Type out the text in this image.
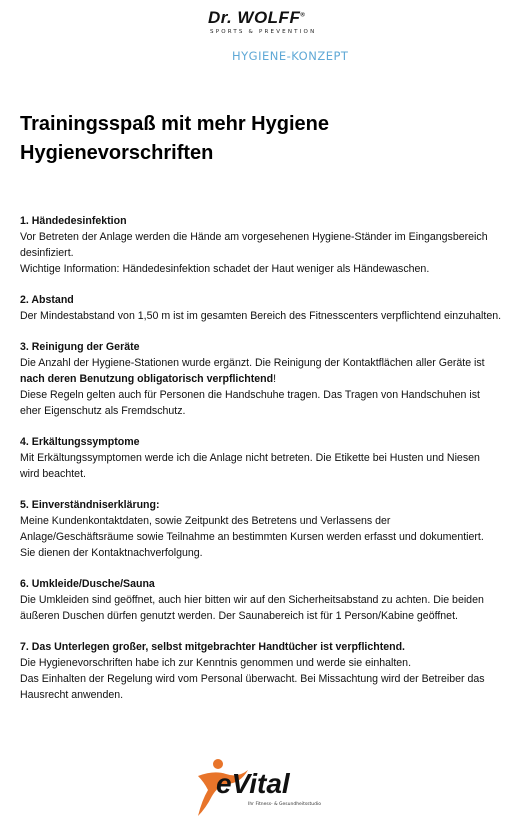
Dr. WOLFF®
SPORTS & PREVENTION
HYGIENE-KONZEPT
Trainingsspaß mit mehr Hygiene
Hygienevorschriften
1. Händedesinfektion
Vor Betreten der Anlage werden die Hände am vorgesehenen Hygiene-Ständer im Eingangsbereich desinfiziert.
Wichtige Information: Händedesinfektion schadet der Haut weniger als Händewaschen.
2. Abstand
Der Mindestabstand von 1,50 m ist im gesamten Bereich des Fitnesscenters verpflichtend einzuhalten.
3. Reinigung der Geräte
Die Anzahl der Hygiene-Stationen wurde ergänzt. Die Reinigung der Kontaktflächen aller Geräte ist nach deren Benutzung obligatorisch verpflichtend!
Diese Regeln gelten auch für Personen die Handschuhe tragen. Das Tragen von Handschuhen ist eher Eigenschutz als Fremdschutz.
4. Erkältungssymptome
Mit Erkältungssymptomen werde ich die Anlage nicht betreten. Die Etikette bei Husten und Niesen wird beachtet.
5. Einverständniserklärung:
Meine Kundenkontaktdaten, sowie Zeitpunkt des Betretens und Verlassens der Anlage/Geschäftsräume sowie Teilnahme an bestimmten Kursen werden erfasst und dokumentiert. Sie dienen der Kontaktnachverfolgung.
6. Umkleide/Dusche/Sauna
Die Umkleiden sind geöffnet, auch hier bitten wir auf den Sicherheitsabstand zu achten. Die beiden äußeren Duschen dürfen genutzt werden. Der Saunabereich ist für 1 Person/Kabine geöffnet.
7. Das Unterlegen großer, selbst mitgebrachter Handtücher ist verpflichtend.
Die Hygienevorschriften habe ich zur Kenntnis genommen und werde sie einhalten.
Das Einhalten der Regelung wird vom Personal überwacht. Bei Missachtung wird der Betreiber das Hausrecht anwenden.
eVital
Ihr Fitness- & Gesundheitsstudio
